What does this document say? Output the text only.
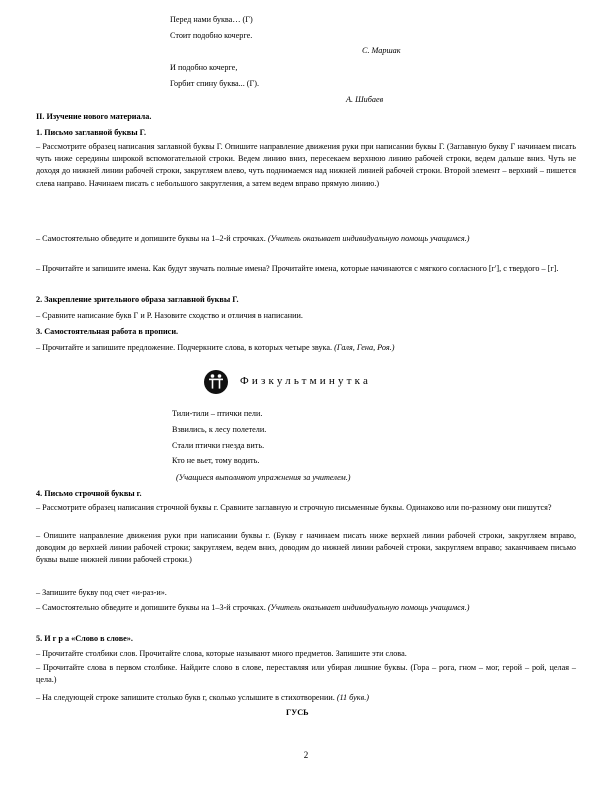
Перед нами буква… (Г)
Стоит подобно кочерге.
С. Маршак
И подобно кочерге,
Горбит спину буква... (Г).
А. Шибаев
II. Изучение нового материала.
1. Письмо заглавной буквы Г.
– Рассмотрите образец написания заглавной буквы Г. Опишите направление движения руки при написании буквы Г. (Заглавную букву Г начинаем писать чуть ниже середины широкой вспомогательной строки. Ведем линию вниз, пересекаем верхнюю линию рабочей строки, ведем дальше вниз. Чуть не доходя до нижней линии рабочей строки, закругляем влево, чуть поднимаемся над нижней линией рабочей строки. Второй элемент – верхний – пишется слева направо. Начинаем писать с небольшого закругления, а затем ведем вправо прямую линию.)
– Самостоятельно обведите и допишите буквы на 1–2-й строчках. (Учитель оказывает индивидуальную помощь учащимся.)
– Прочитайте и запишите имена. Как будут звучать полные имена? Прочитайте имена, которые начинаются с мягкого согласного [г'], с твердого – [г].
2. Закрепление зрительного образа заглавной буквы Г.
– Сравните написание букв Г и Р. Назовите сходство и отличия в написании.
3. Самостоятельная работа в прописи.
– Прочитайте и запишите предложение. Подчеркните слова, в которых четыре звука. (Галя, Гена, Роя.)
Физкультминутка
Тили-тили – птички пели.
Взвились, к лесу полетели.
Стали птички гнезда вить.
Кто не вьет, тому водить.
(Учащиеся выполняют упражнения за учителем.)
4. Письмо строчной буквы г.
– Рассмотрите образец написания строчной буквы г. Сравните заглавную и строчную письменные буквы. Одинаково или по-разному они пишутся?
– Опишите направление движения руки при написании буквы г. (Букву г начинаем писать ниже верхней линии рабочей строки, закругляем вправо, доводим до верхней линии рабочей строки; закругляем, ведем вниз, доводим до нижней линии рабочей строки, закругляем вправо; заканчиваем письмо буквы выше нижней линии рабочей строки.)
– Запишите букву под счет «и-раз-и».
– Самостоятельно обведите и допишите буквы на 1–3-й строчках. (Учитель оказывает индивидуальную помощь учащимся.)
5. И г р а «Слово в слове».
– Прочитайте столбики слов. Прочитайте слова, которые называют много предметов. Запишите эти слова.
– Прочитайте слова в первом столбике. Найдите слово в слове, переставляя или убирая лишние буквы. (Гора – рога, гном – мог, герой – рой, целая – цела.)
– На следующей строке запишите столько букв г, сколько услышите в стихотворении. (11 букв.)
ГУСЬ
2
